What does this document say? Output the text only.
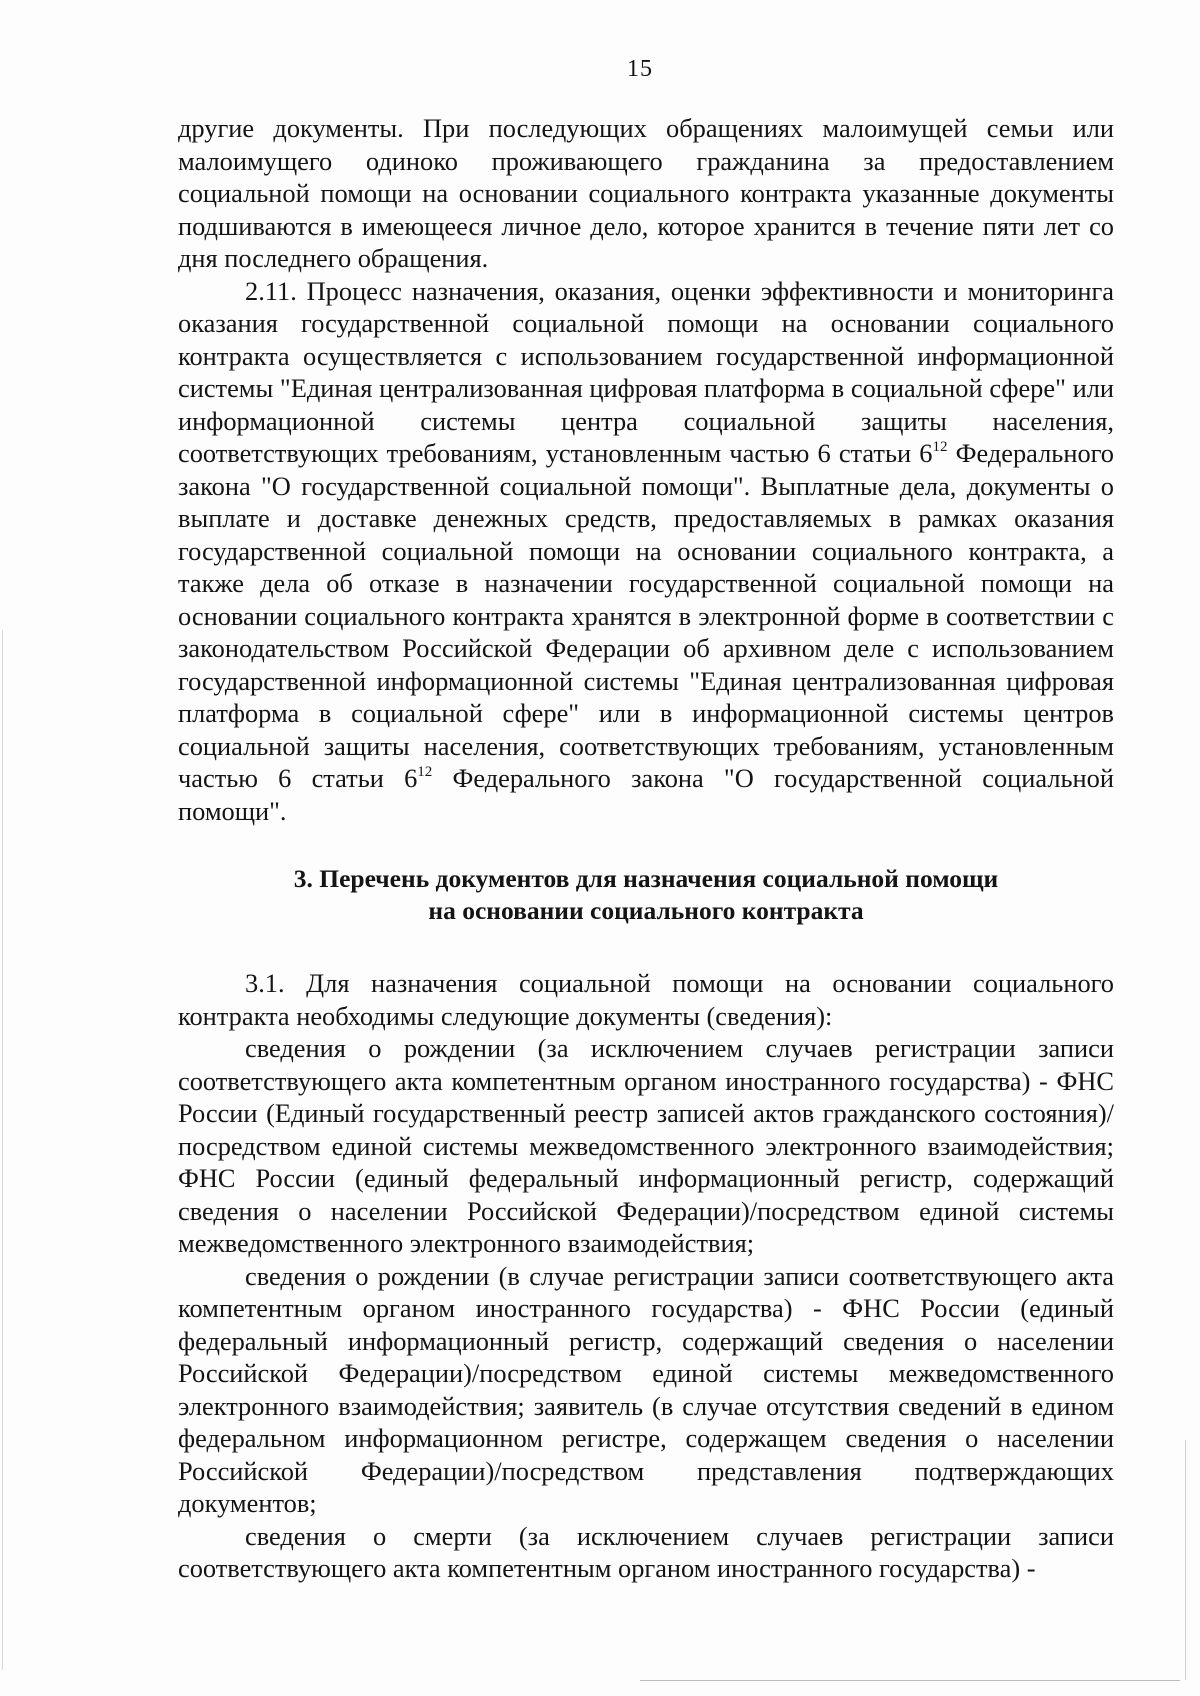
15

другие документы. При последующих обращениях малоимущей семьи или малоимущего одиноко проживающего гражданина за предоставлением социальной помощи на основании социального контракта указанные документы подшиваются в имеющееся личное дело, которое хранится в течение пяти лет со дня последнего обращения.

2.11. Процесс назначения, оказания, оценки эффективности и мониторинга оказания государственной социальной помощи на основании социального контракта осуществляется с использованием государственной информационной системы "Единая централизованная цифровая платформа в социальной сфере" или информационной системы центра социальной защиты населения, соответствующих требованиям, установленным частью 6 статьи $6^{12}$ Федерального закона "О государственной социальной помощи". Выплатные дела, документы о выплате и доставке денежных средств, предоставляемых в рамках оказания государственной социальной помощи на основании социального контракта, а также дела об отказе в назначении государственной социальной помощи на основании социального контракта хранятся в электронной форме в соответствии с законодательством Российской Федерации об архивном деле с использованием государственной информационной системы "Единая централизованная цифровая платформа в социальной сфере" или в информационной системы центров социальной защиты населения, соответствующих требованиям, установленным частью 6 статьи $6^{12}$ Федерального закона "О государственной социальной помощи".

3. Перечень документов для назначения социальной помощи
на основании социального контракта

3.1. Для назначения социальной помощи на основании социального контракта необходимы следующие документы (сведения):

сведения о рождении (за исключением случаев регистрации записи соответствующего акта компетентным органом иностранного государства) - ФНС России (Единый государственный реестр записей актов гражданского состояния)/посредством единой системы межведомственного электронного взаимодействия; ФНС России (единый федеральный информационный регистр, содержащий сведения о населении Российской Федерации)/посредством единой системы межведомственного электронного взаимодействия;

сведения о рождении (в случае регистрации записи соответствующего акта компетентным органом иностранного государства) - ФНС России (единый федеральный информационный регистр, содержащий сведения о населении Российской Федерации)/посредством единой системы межведомственного электронного взаимодействия; заявитель (в случае отсутствия сведений в едином федеральном информационном регистре, содержащем сведения о населении Российской Федерации)/посредством представления подтверждающих документов;

сведения о смерти (за исключением случаев регистрации записи соответствующего акта компетентным органом иностранного государства) -
